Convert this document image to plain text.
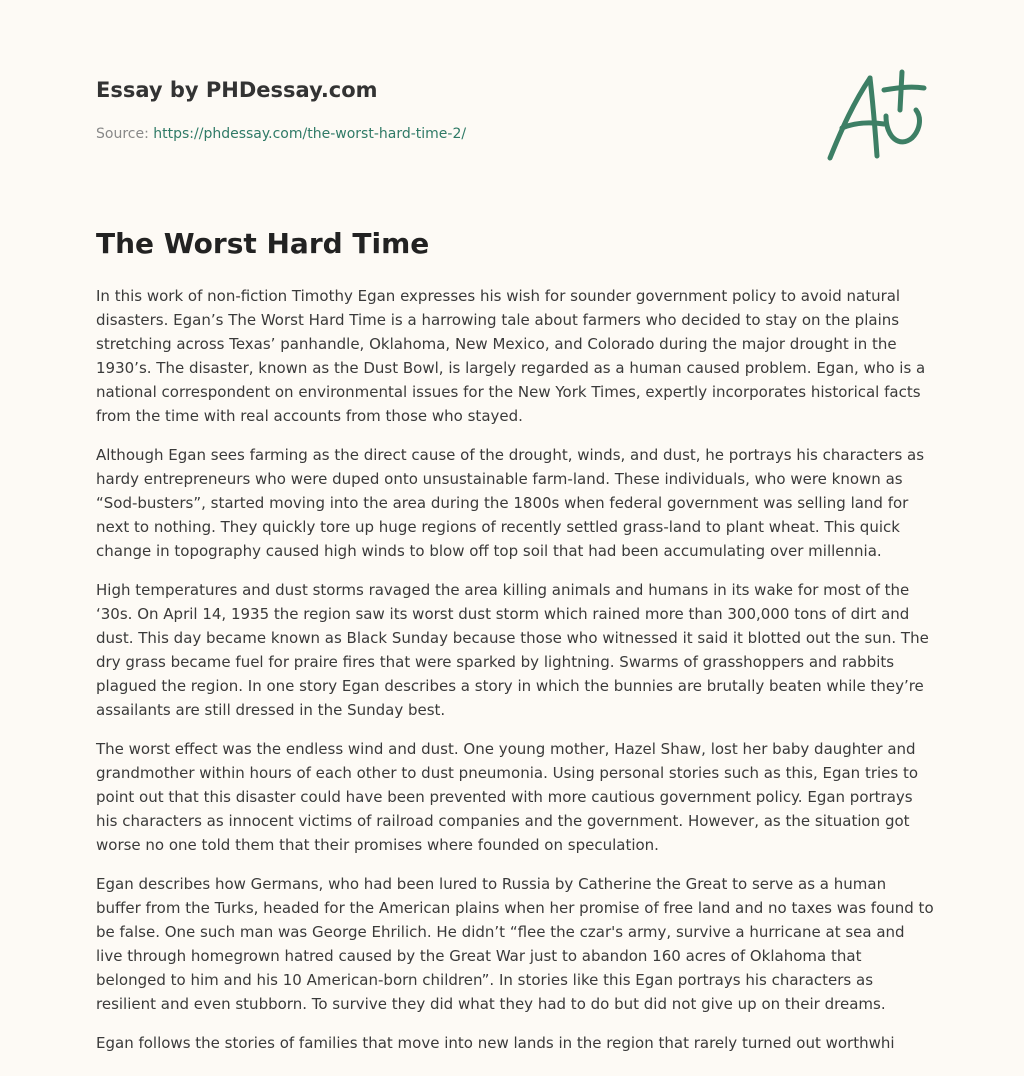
Essay by PHDessay.com
Source: https://phdessay.com/the-worst-hard-time-2/
The Worst Hard Time

In this work of non-fiction Timothy Egan expresses his wish for sounder government policy to avoid natural disasters. Egan’s The Worst Hard Time is a harrowing tale about farmers who decided to stay on the plains stretching across Texas’ panhandle, Oklahoma, New Mexico, and Colorado during the major drought in the 1930’s. The disaster, known as the Dust Bowl, is largely regarded as a human caused problem. Egan, who is a national correspondent on environmental issues for the New York Times, expertly incorporates historical facts from the time with real accounts from those who stayed.

Although Egan sees farming as the direct cause of the drought, winds, and dust, he portrays his characters as hardy entrepreneurs who were duped onto unsustainable farm-land. These individuals, who were known as “Sod-busters”, started moving into the area during the 1800s when federal government was selling land for next to nothing. They quickly tore up huge regions of recently settled grass-land to plant wheat. This quick change in topography caused high winds to blow off top soil that had been accumulating over millennia.

High temperatures and dust storms ravaged the area killing animals and humans in its wake for most of the ‘30s. On April 14, 1935 the region saw its worst dust storm which rained more than 300,000 tons of dirt and dust. This day became known as Black Sunday because those who witnessed it said it blotted out the sun. The dry grass became fuel for praire fires that were sparked by lightning. Swarms of grasshoppers and rabbits plagued the region. In one story Egan describes a story in which the bunnies are brutally beaten while they’re assailants are still dressed in the Sunday best.

The worst effect was the endless wind and dust. One young mother, Hazel Shaw, lost her baby daughter and grandmother within hours of each other to dust pneumonia. Using personal stories such as this, Egan tries to point out that this disaster could have been prevented with more cautious government policy. Egan portrays his characters as innocent victims of railroad companies and the government. However, as the situation got worse no one told them that their promises where founded on speculation.

Egan describes how Germans, who had been lured to Russia by Catherine the Great to serve as a human buffer from the Turks, headed for the American plains when her promise of free land and no taxes was found to be false. One such man was George Ehrilich. He didn’t “flee the czar's army, survive a hurricane at sea and live through homegrown hatred caused by the Great War just to abandon 160 acres of Oklahoma that belonged to him and his 10 American-born children”. In stories like this Egan portrays his characters as resilient and even stubborn. To survive they did what they had to do but did not give up on their dreams.

Egan follows the stories of families that move into new lands in the region that rarely turned out worthwhi
